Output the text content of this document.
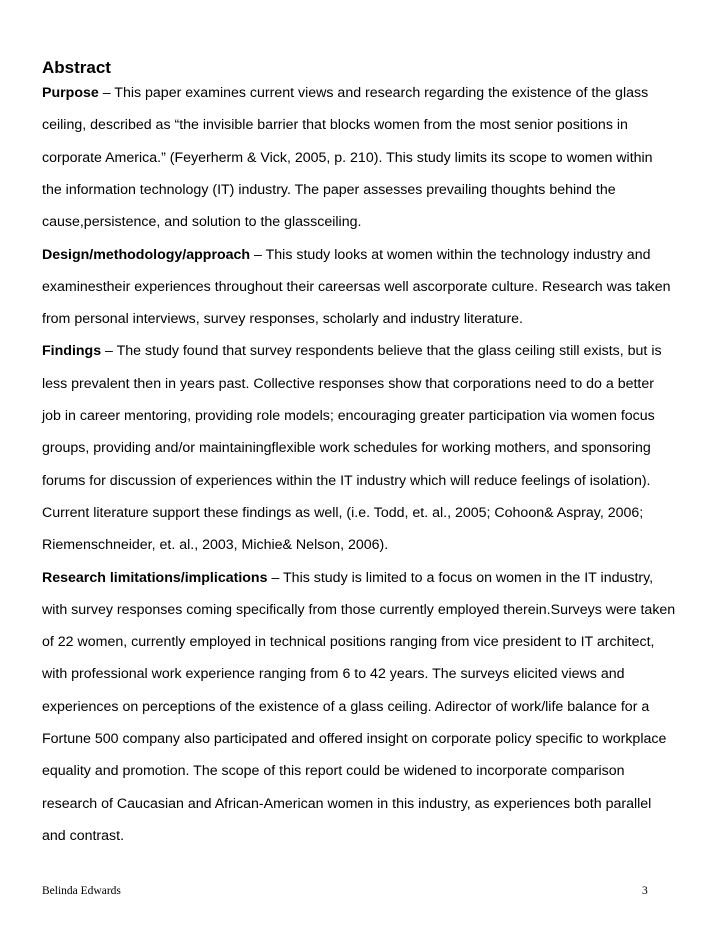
Abstract
Purpose – This paper examines current views and research regarding the existence of the glass
ceiling, described as “the invisible barrier that blocks women from the most senior positions in
corporate America.” (Feyerherm & Vick, 2005, p. 210). This study limits its scope to women within
the information technology (IT) industry. The paper assesses prevailing thoughts behind the
cause,persistence, and solution to the glassceiling.
Design/methodology/approach – This study looks at women within the technology industry and
examinestheir experiences throughout their careersas well ascorporate culture. Research was taken
from personal interviews, survey responses, scholarly and industry literature.
Findings – The study found that survey respondents believe that the glass ceiling still exists, but is
less prevalent then in years past. Collective responses show that corporations need to do a better
job in career mentoring, providing role models; encouraging greater participation via women focus
groups, providing and/or maintainingflexible work schedules for working mothers, and sponsoring
forums for discussion of experiences within the IT industry which will reduce feelings of isolation).
Current literature support these findings as well, (i.e. Todd, et. al., 2005; Cohoon& Aspray, 2006;
Riemenschneider, et. al., 2003, Michie& Nelson, 2006).
Research limitations/implications – This study is limited to a focus on women in the IT industry,
with survey responses coming specifically from those currently employed therein.Surveys were taken
of 22 women, currently employed in technical positions ranging from vice president to IT architect,
with professional work experience ranging from 6 to 42 years. The surveys elicited views and
experiences on perceptions of the existence of a glass ceiling. Adirector of work/life balance for a
Fortune 500 company also participated and offered insight on corporate policy specific to workplace
equality and promotion. The scope of this report could be widened to incorporate comparison
research of Caucasian and African-American women in this industry, as experiences both parallel
and contrast.
Belinda Edwards	3
